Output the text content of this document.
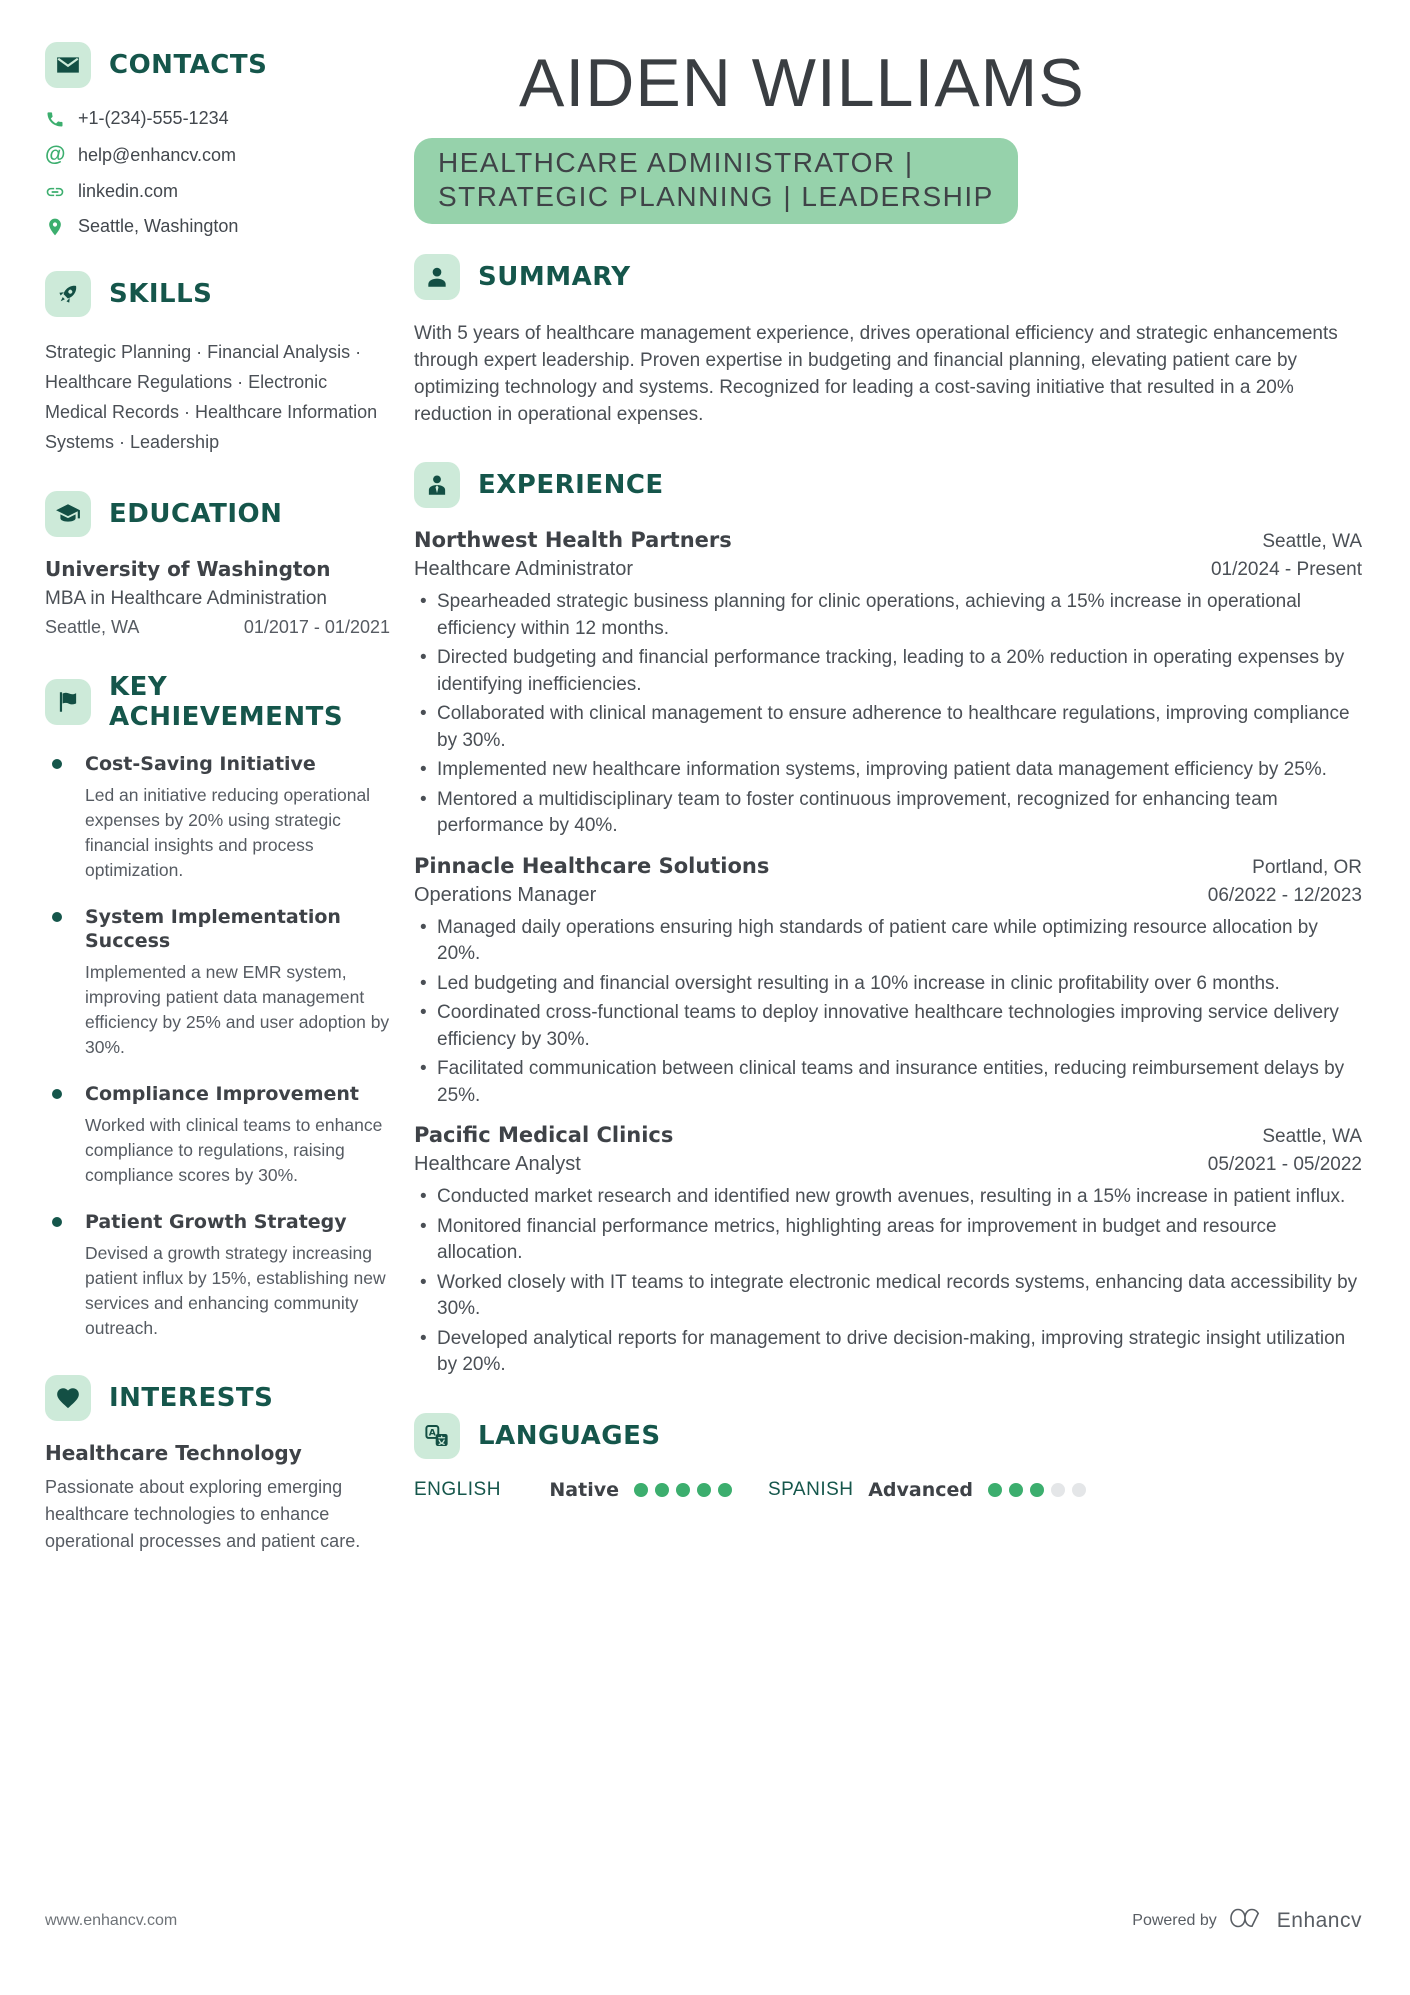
CONTACTS
+1-(234)-555-1234
@ help@enhancv.com
linkedin.com
Seattle, Washington
SKILLS
Strategic Planning · Financial Analysis · Healthcare Regulations · Electronic Medical Records · Healthcare Information Systems · Leadership
EDUCATION
University of Washington
MBA in Healthcare Administration
Seattle, WA	01/2017 - 01/2021
KEY ACHIEVEMENTS
Cost-Saving Initiative
Led an initiative reducing operational expenses by 20% using strategic financial insights and process optimization.
System Implementation Success
Implemented a new EMR system, improving patient data management efficiency by 25% and user adoption by 30%.
Compliance Improvement
Worked with clinical teams to enhance compliance to regulations, raising compliance scores by 30%.
Patient Growth Strategy
Devised a growth strategy increasing patient influx by 15%, establishing new services and enhancing community outreach.
INTERESTS
Healthcare Technology
Passionate about exploring emerging healthcare technologies to enhance operational processes and patient care.
AIDEN WILLIAMS
HEALTHCARE ADMINISTRATOR |
STRATEGIC PLANNING | LEADERSHIP
SUMMARY
With 5 years of healthcare management experience, drives operational efficiency and strategic enhancements through expert leadership. Proven expertise in budgeting and financial planning, elevating patient care by optimizing technology and systems. Recognized for leading a cost-saving initiative that resulted in a 20% reduction in operational expenses.
EXPERIENCE
Northwest Health Partners	Seattle, WA
Healthcare Administrator	01/2024 - Present
• Spearheaded strategic business planning for clinic operations, achieving a 15% increase in operational efficiency within 12 months.
• Directed budgeting and financial performance tracking, leading to a 20% reduction in operating expenses by identifying inefficiencies.
• Collaborated with clinical management to ensure adherence to healthcare regulations, improving compliance by 30%.
• Implemented new healthcare information systems, improving patient data management efficiency by 25%.
• Mentored a multidisciplinary team to foster continuous improvement, recognized for enhancing team performance by 40%.
Pinnacle Healthcare Solutions	Portland, OR
Operations Manager	06/2022 - 12/2023
• Managed daily operations ensuring high standards of patient care while optimizing resource allocation by 20%.
• Led budgeting and financial oversight resulting in a 10% increase in clinic profitability over 6 months.
• Coordinated cross-functional teams to deploy innovative healthcare technologies improving service delivery efficiency by 30%.
• Facilitated communication between clinical teams and insurance entities, reducing reimbursement delays by 25%.
Pacific Medical Clinics	Seattle, WA
Healthcare Analyst	05/2021 - 05/2022
• Conducted market research and identified new growth avenues, resulting in a 15% increase in patient influx.
• Monitored financial performance metrics, highlighting areas for improvement in budget and resource allocation.
• Worked closely with IT teams to integrate electronic medical records systems, enhancing data accessibility by 30%.
• Developed analytical reports for management to drive decision-making, improving strategic insight utilization by 20%.
A LANGUAGES
ENGLISH	Native	SPANISH Advanced
www.enhancv.com	Powered by	Enhancv
